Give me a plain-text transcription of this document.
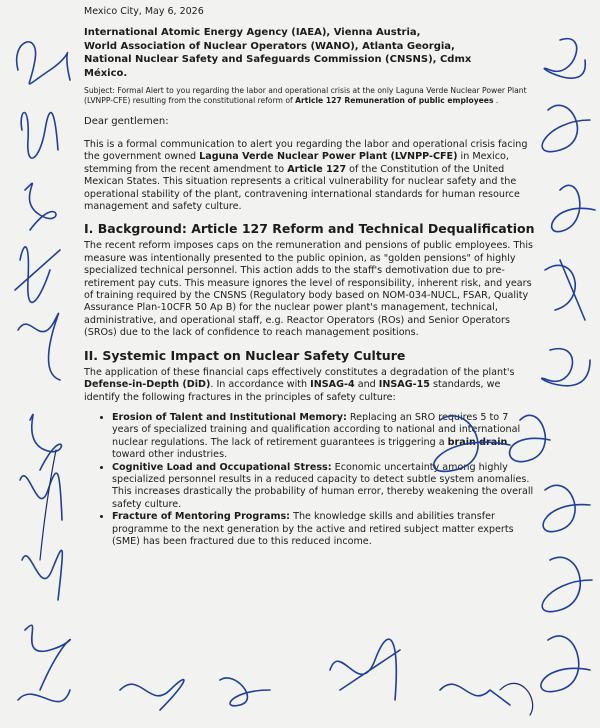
Mexico City, May 6, 2026
International Atomic Energy Agency (IAEA), Vienna Austria,
World Association of Nuclear Operators (WANO), Atlanta Georgia,
National Nuclear Safety and Safeguards Commission (CNSNS), Cdmx
México.
Subject: Formal Alert to you regarding the labor and operational crisis at the only Laguna Verde Nuclear Power Plant (LVNPP-CFE) resulting from the constitutional reform of Article 127 Remuneration of public employees .
Dear gentlemen:
This is a formal communication to alert you regarding the labor and operational crisis facing the government owned Laguna Verde Nuclear Power Plant (LVNPP-CFE) in Mexico, stemming from the recent amendment to Article 127 of the Constitution of the United Mexican States. This situation represents a critical vulnerability for nuclear safety and the operational stability of the plant, contravening international standards for human resource management and safety culture.
I. Background: Article 127 Reform and Technical Dequalification
The recent reform imposes caps on the remuneration and pensions of public employees. This measure was intentionally presented to the public opinion, as "golden pensions" of highly specialized technical personnel. This action adds to the staff's demotivation due to pre-retirement pay cuts. This measure ignores the level of responsibility, inherent risk, and years of training required by the CNSNS (Regulatory body based on NOM-034-NUCL, FSAR, Quality Assurance Plan-10CFR 50 Ap B) for the nuclear power plant's management, technical, administrative, and operational staff, e.g. Reactor Operators (ROs) and Senior Operators (SROs) due to the lack of confidence to reach management positions.
II. Systemic Impact on Nuclear Safety Culture
The application of these financial caps effectively constitutes a degradation of the plant's Defense-in-Depth (DiD). In accordance with INSAG-4 and INSAG-15 standards, we identify the following fractures in the principles of safety culture:
• Erosion of Talent and Institutional Memory: Replacing an SRO requires 5 to 7 years of specialized training and qualification according to national and international nuclear regulations. The lack of retirement guarantees is triggering a brain drain toward other industries.
• Cognitive Load and Occupational Stress: Economic uncertainty among highly specialized personnel results in a reduced capacity to detect subtle system anomalies. This increases drastically the probability of human error, thereby weakening the overall safety culture.
• Fracture of Mentoring Programs: The knowledge skills and abilities transfer programme to the next generation by the active and retired subject matter experts (SME) has been fractured due to this reduced income.
